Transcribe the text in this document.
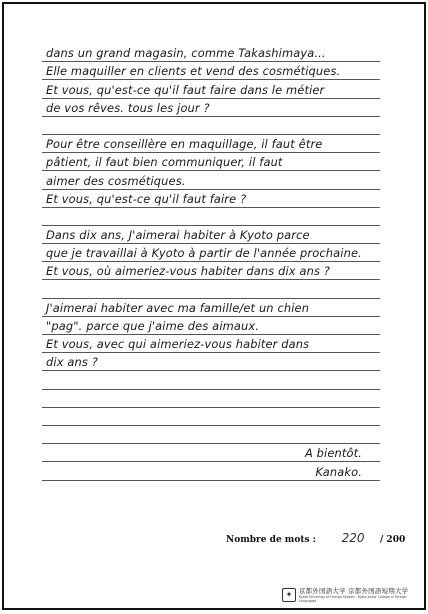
dans un grand magasin, comme Takashimaya...
Elle maquiller en clients et vend des cosmétiques.
Et vous, qu'est-ce qu'il faut faire dans le métier
de vos rêves. tous les jour ?
Pour être conseillère en maquillage, il faut être
pâtient, il faut bien communiquer, il faut
aimer des cosmétiques.
Et vous, qu'est-ce qu'il faut faire ?
Dans dix ans, J'aimerai habiter à Kyoto parce
que je travaillai à Kyoto à partir de l'année prochaine.
Et vous, où aimeriez-vous habiter dans dix ans ?
J'aimerai habiter avec ma famille/et un chien
"pag". parce que j'aime des aimaux.
Et vous, avec qui aimeriez-vous habiter dans
dix ans ?
A bientôt.
Kanako.
Nombre de mots :	220	/ 200
✦	京都外国語大学 京都外国語短期大学
Kyoto University of Foreign Studies · Kyoto Junior College of Foreign Languages
